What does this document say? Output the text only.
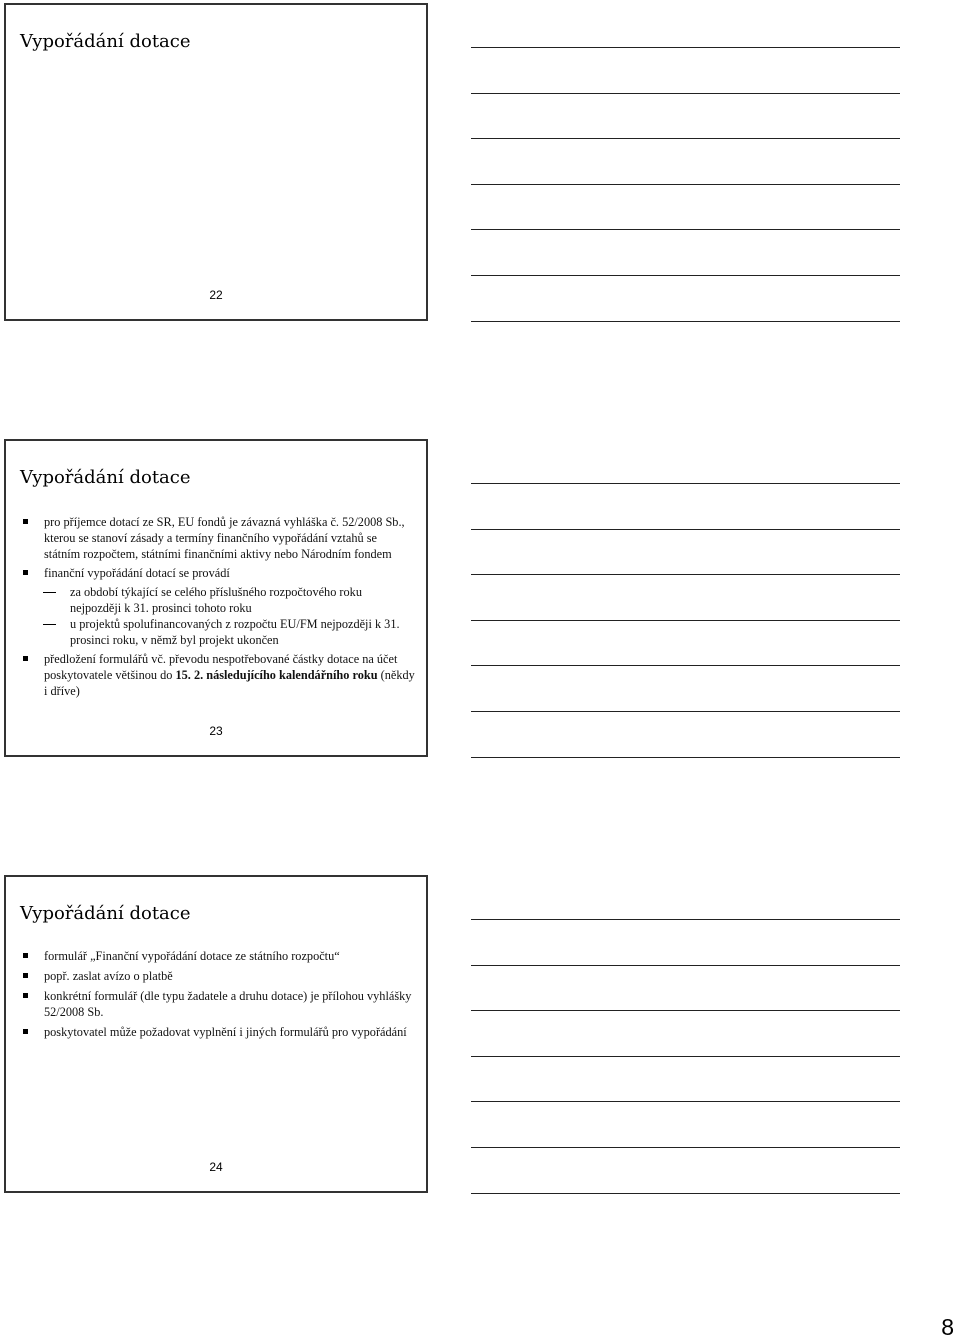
Vypořádání dotace
22
Vypořádání dotace
pro příjemce dotací ze SR, EU fondů je závazná vyhláška č. 52/2008 Sb., kterou se stanoví zásady a termíny finančního vypořádání vztahů se státním rozpočtem, státními finančními aktivy nebo Národním fondem
finanční vypořádání dotací se provádí
za období týkající se celého příslušného rozpočtového roku nejpozději k 31. prosinci tohoto roku
u projektů spolufinancovaných z rozpočtu EU/FM nejpozději k 31. prosinci roku, v němž byl projekt ukončen
předložení formulářů vč. převodu nespotřebované částky dotace na účet poskytovatele většinou do 15. 2. následujícího kalendářního roku (někdy i dříve)
23
Vypořádání dotace
formulář „Finanční vypořádání dotace ze státního rozpočtu“
popř. zaslat avízo o platbě
konkrétní formulář (dle typu žadatele a druhu dotace) je přílohou vyhlášky 52/2008 Sb.
poskytovatel může požadovat vyplnění i jiných formulářů pro vypořádání
24
8
